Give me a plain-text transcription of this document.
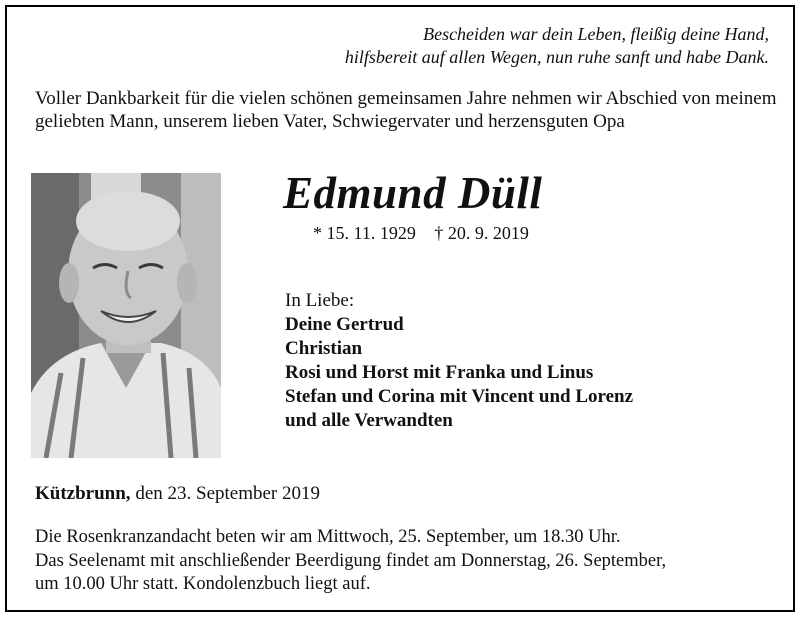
Bescheiden war dein Leben, fleißig deine Hand,
hilfsbereit auf allen Wegen, nun ruhe sanft und habe Dank.
Voller Dankbarkeit für die vielen schönen gemeinsamen Jahre nehmen wir Abschied von meinem geliebten Mann, unserem lieben Vater, Schwiegervater und herzensguten Opa
Edmund Düll
* 15. 11. 1929 † 20. 9. 2019
In Liebe:
Deine Gertrud
Christian
Rosi und Horst mit Franka und Linus
Stefan und Corina mit Vincent und Lorenz
und alle Verwandten
Kützbrunn, den 23. September 2019
Die Rosenkranzandacht beten wir am Mittwoch, 25. September, um 18.30 Uhr.
Das Seelenamt mit anschließender Beerdigung findet am Donnerstag, 26. September,
um 10.00 Uhr statt. Kondolenzbuch liegt auf.
